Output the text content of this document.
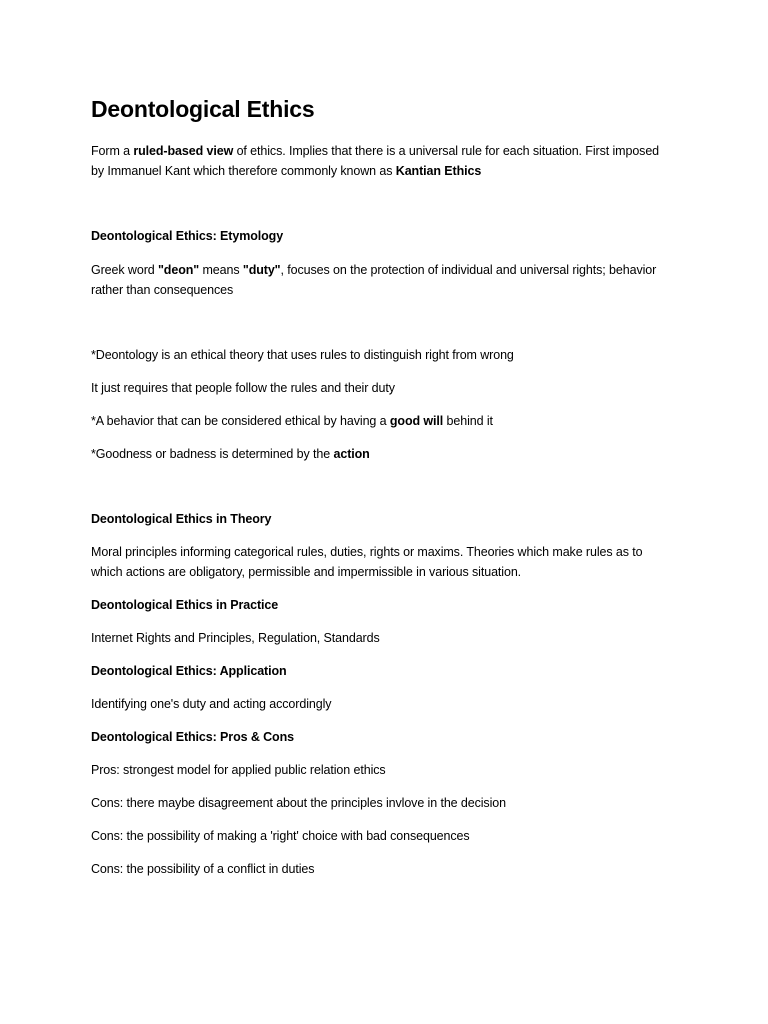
Deontological Ethics

Form a ruled-based view of ethics. Implies that there is a universal rule for each situation. First imposed

by Immanuel Kant which therefore commonly known as Kantian Ethics

Deontological Ethics: Etymology

Greek word "deon" means "duty", focuses on the protection of individual and universal rights; behavior

rather than consequences

*Deontology is an ethical theory that uses rules to distinguish right from wrong

It just requires that people follow the rules and their duty

*A behavior that can be considered ethical by having a good will behind it

*Goodness or badness is determined by the action

Deontological Ethics in Theory

Moral principles informing categorical rules, duties, rights or maxims. Theories which make rules as to

which actions are obligatory, permissible and impermissible in various situation.

Deontological Ethics in Practice

Internet Rights and Principles, Regulation, Standards

Deontological Ethics: Application

Identifying one's duty and acting accordingly

Deontological Ethics: Pros & Cons

Pros: strongest model for applied public relation ethics

Cons: there maybe disagreement about the principles invlove in the decision

Cons: the possibility of making a 'right' choice with bad consequences

Cons: the possibility of a conflict in duties
